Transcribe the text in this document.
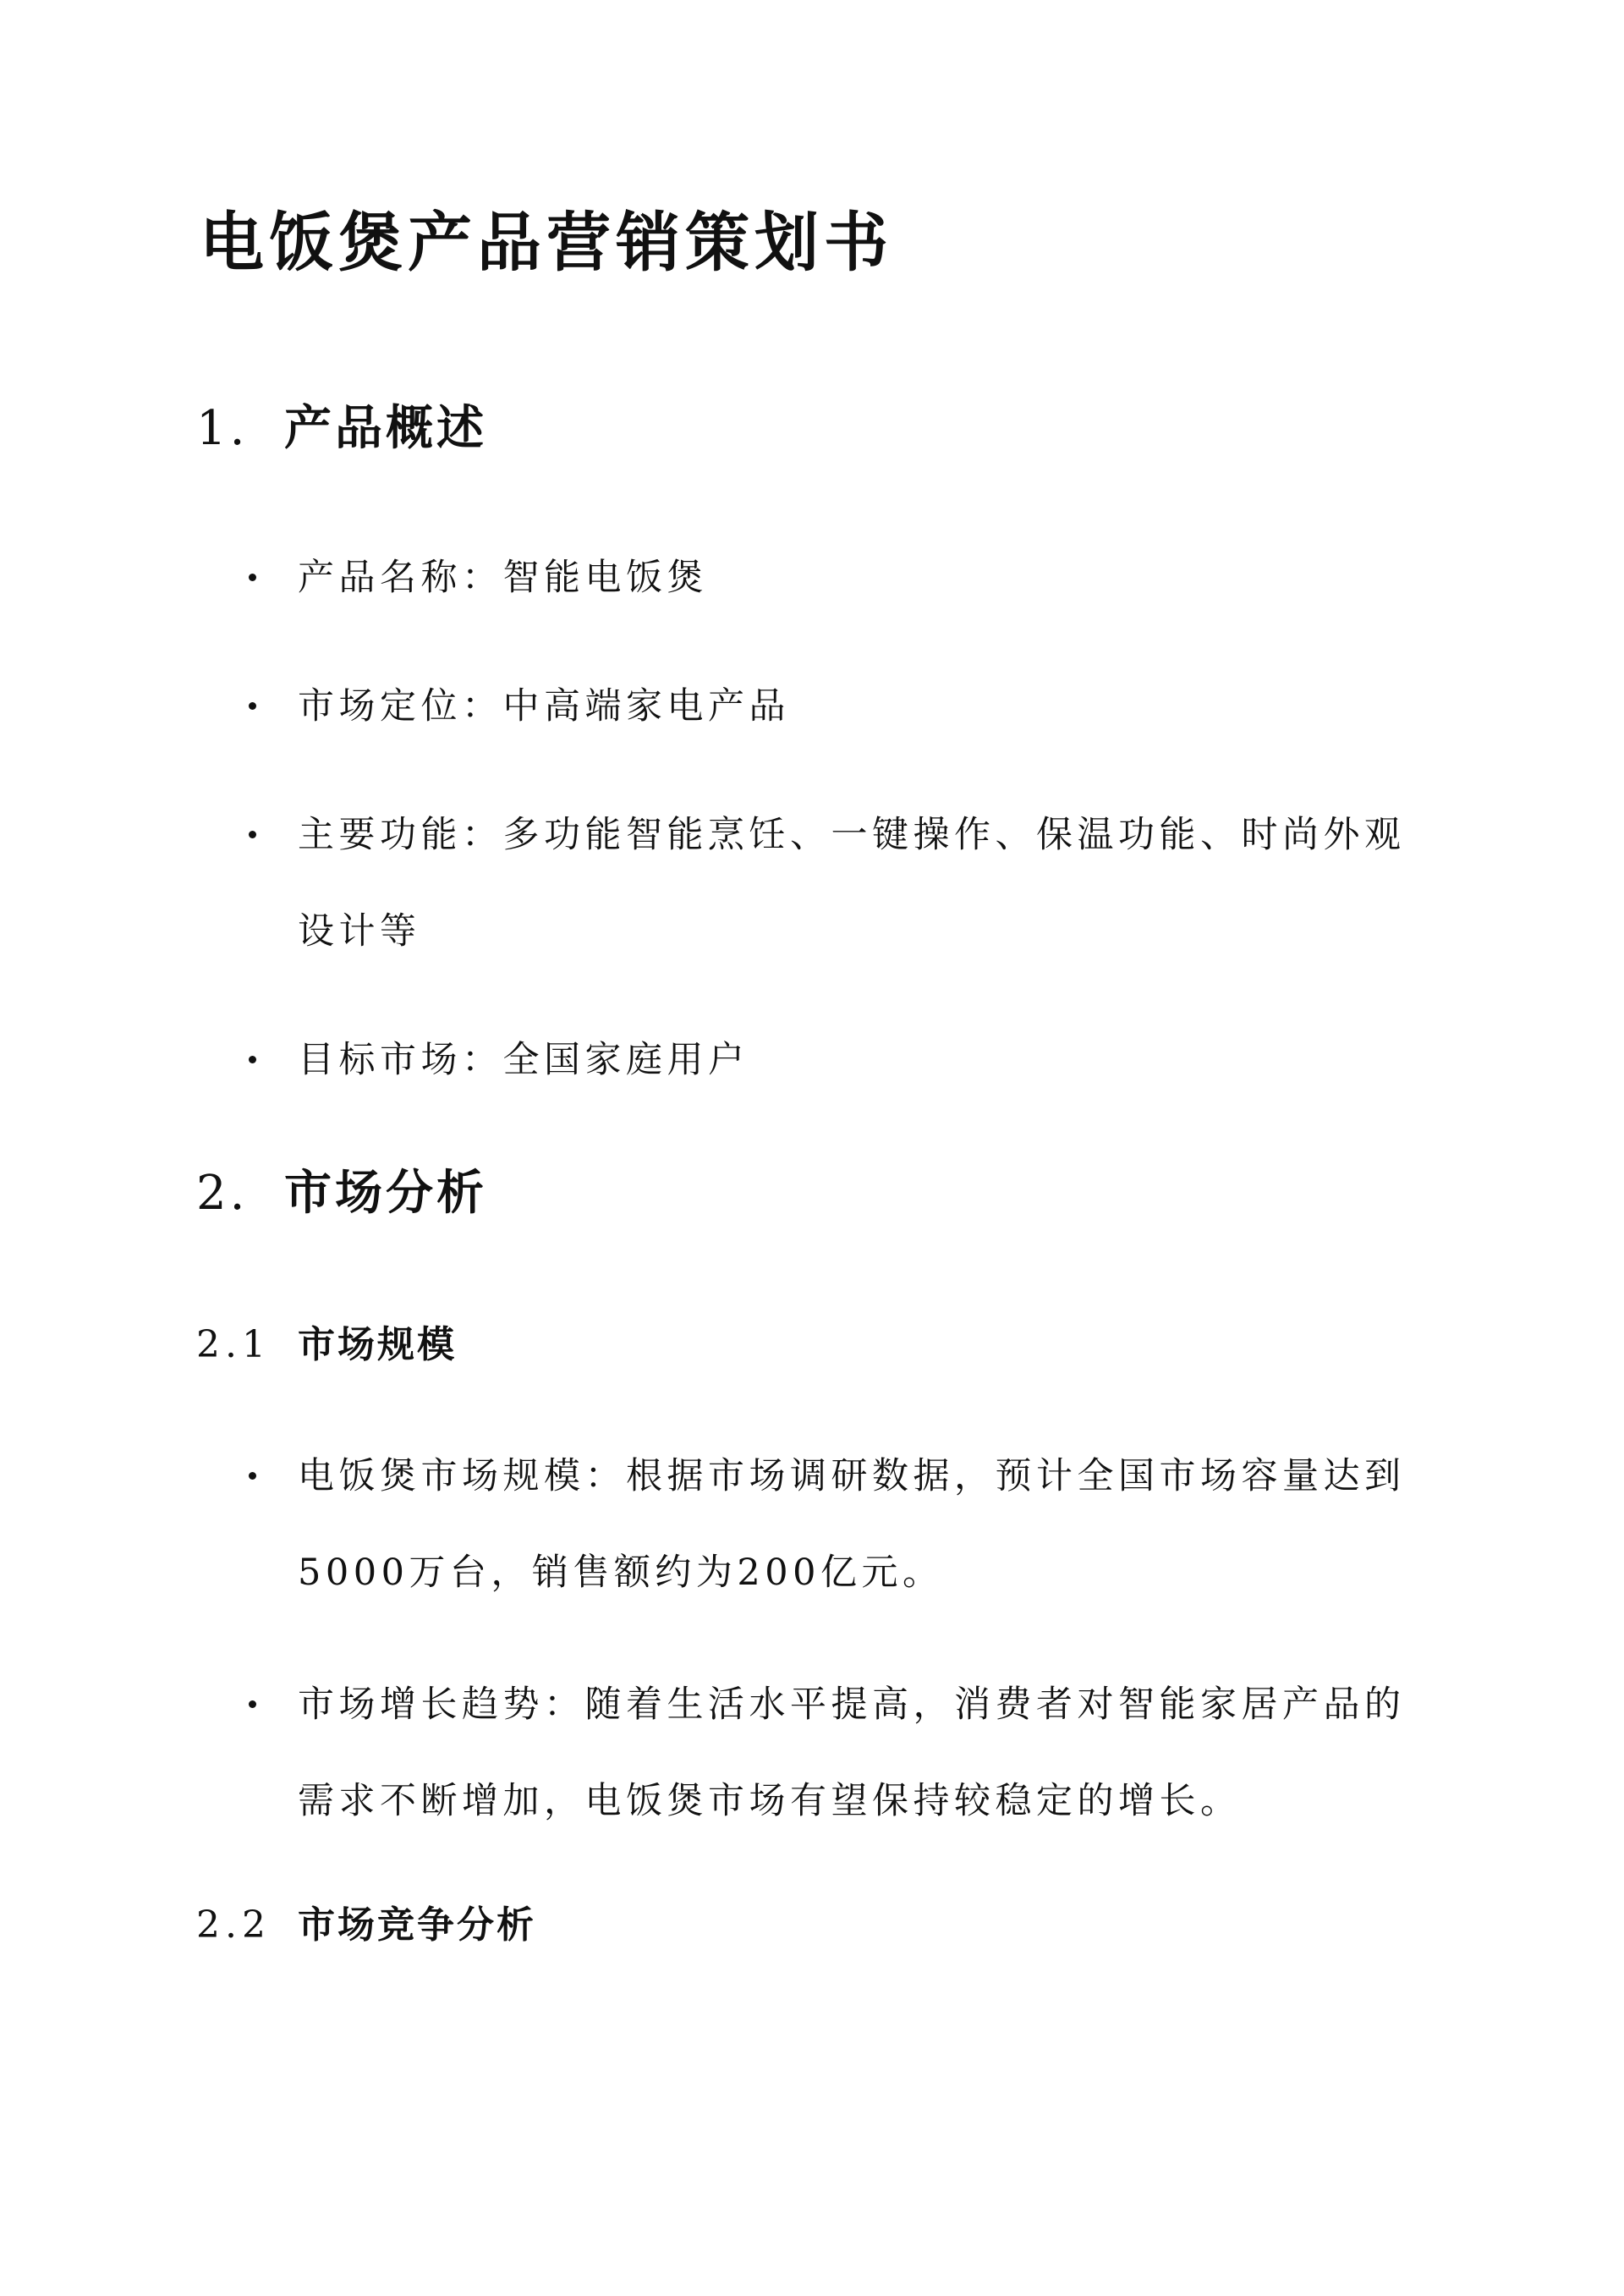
电饭煲产品营销策划书
1. 产品概述
产品名称：智能电饭煲
市场定位：中高端家电产品
主要功能：多功能智能烹饪、一键操作、保温功能、时尚外观设计等
目标市场：全国家庭用户
2. 市场分析
2.1 市场规模
电饭煲市场规模：根据市场调研数据，预计全国市场容量达到5000万台，销售额约为200亿元。
市场增长趋势：随着生活水平提高，消费者对智能家居产品的需求不断增加，电饭煲市场有望保持较稳定的增长。
2.2 市场竞争分析
